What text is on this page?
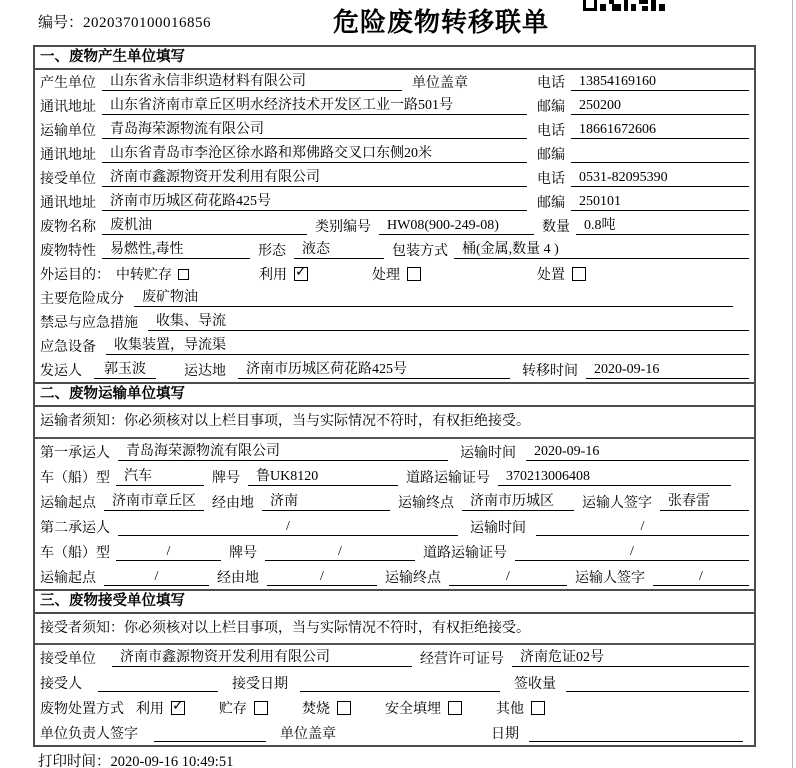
编号：2020370100016856	危险废物转移联单
一、废物产生单位填写
产生单位	山东省永信非织造材料有限公司	单位盖章	电话	13854169160
通讯地址	山东省济南市章丘区明水经济技术开发区工业一路501号	邮编	250200
运输单位	青岛海荣源物流有限公司	电话	18661672606
通讯地址	山东省青岛市李沧区徐水路和郑佛路交叉口东侧20米	邮编
接受单位	济南市鑫源物资开发利用有限公司	电话	0531-82095390
通讯地址	济南市历城区荷花路425号	邮编	250101
废物名称	废机油	类别编号	HW08(900-249-08)	数量	0.8吨
废物特性	易燃性,毒性	形态	液态	包装方式	桶(金属,数量 4 )
外运目的： 中转贮存	利用 ✓	处理	处置
主要危险成分	废矿物油
禁忌与应急措施	收集、导流
应急设备	收集装置，导流渠
发运人	郭玉波	运达地	济南市历城区荷花路425号	转移时间	2020-09-16
二、废物运输单位填写
运输者须知：你必须核对以上栏目事项，当与实际情况不符时，有权拒绝接受。
第一承运人	青岛海荣源物流有限公司	运输时间	2020-09-16
车（船）型	汽车	牌号	鲁UK8120	道路运输证号	370213006408
运输起点	济南市章丘区	经由地	济南	运输终点	济南市历城区	运输人签字	张春雷
第二承运人	/	运输时间	/
车（船）型	/	牌号	/	道路运输证号	/
运输起点	/	经由地	/	运输终点	/	运输人签字	/
三、废物接受单位填写
接受者须知：你必须核对以上栏目事项，当与实际情况不符时，有权拒绝接受。
接受单位	济南市鑫源物资开发利用有限公司	经营许可证号	济南危证02号
接受人	接受日期	签收量
废物处置方式 利用 ✓	贮存	焚烧	安全填埋	其他
单位负责人签字	单位盖章	日期
打印时间：2020-09-16 10:49:51
